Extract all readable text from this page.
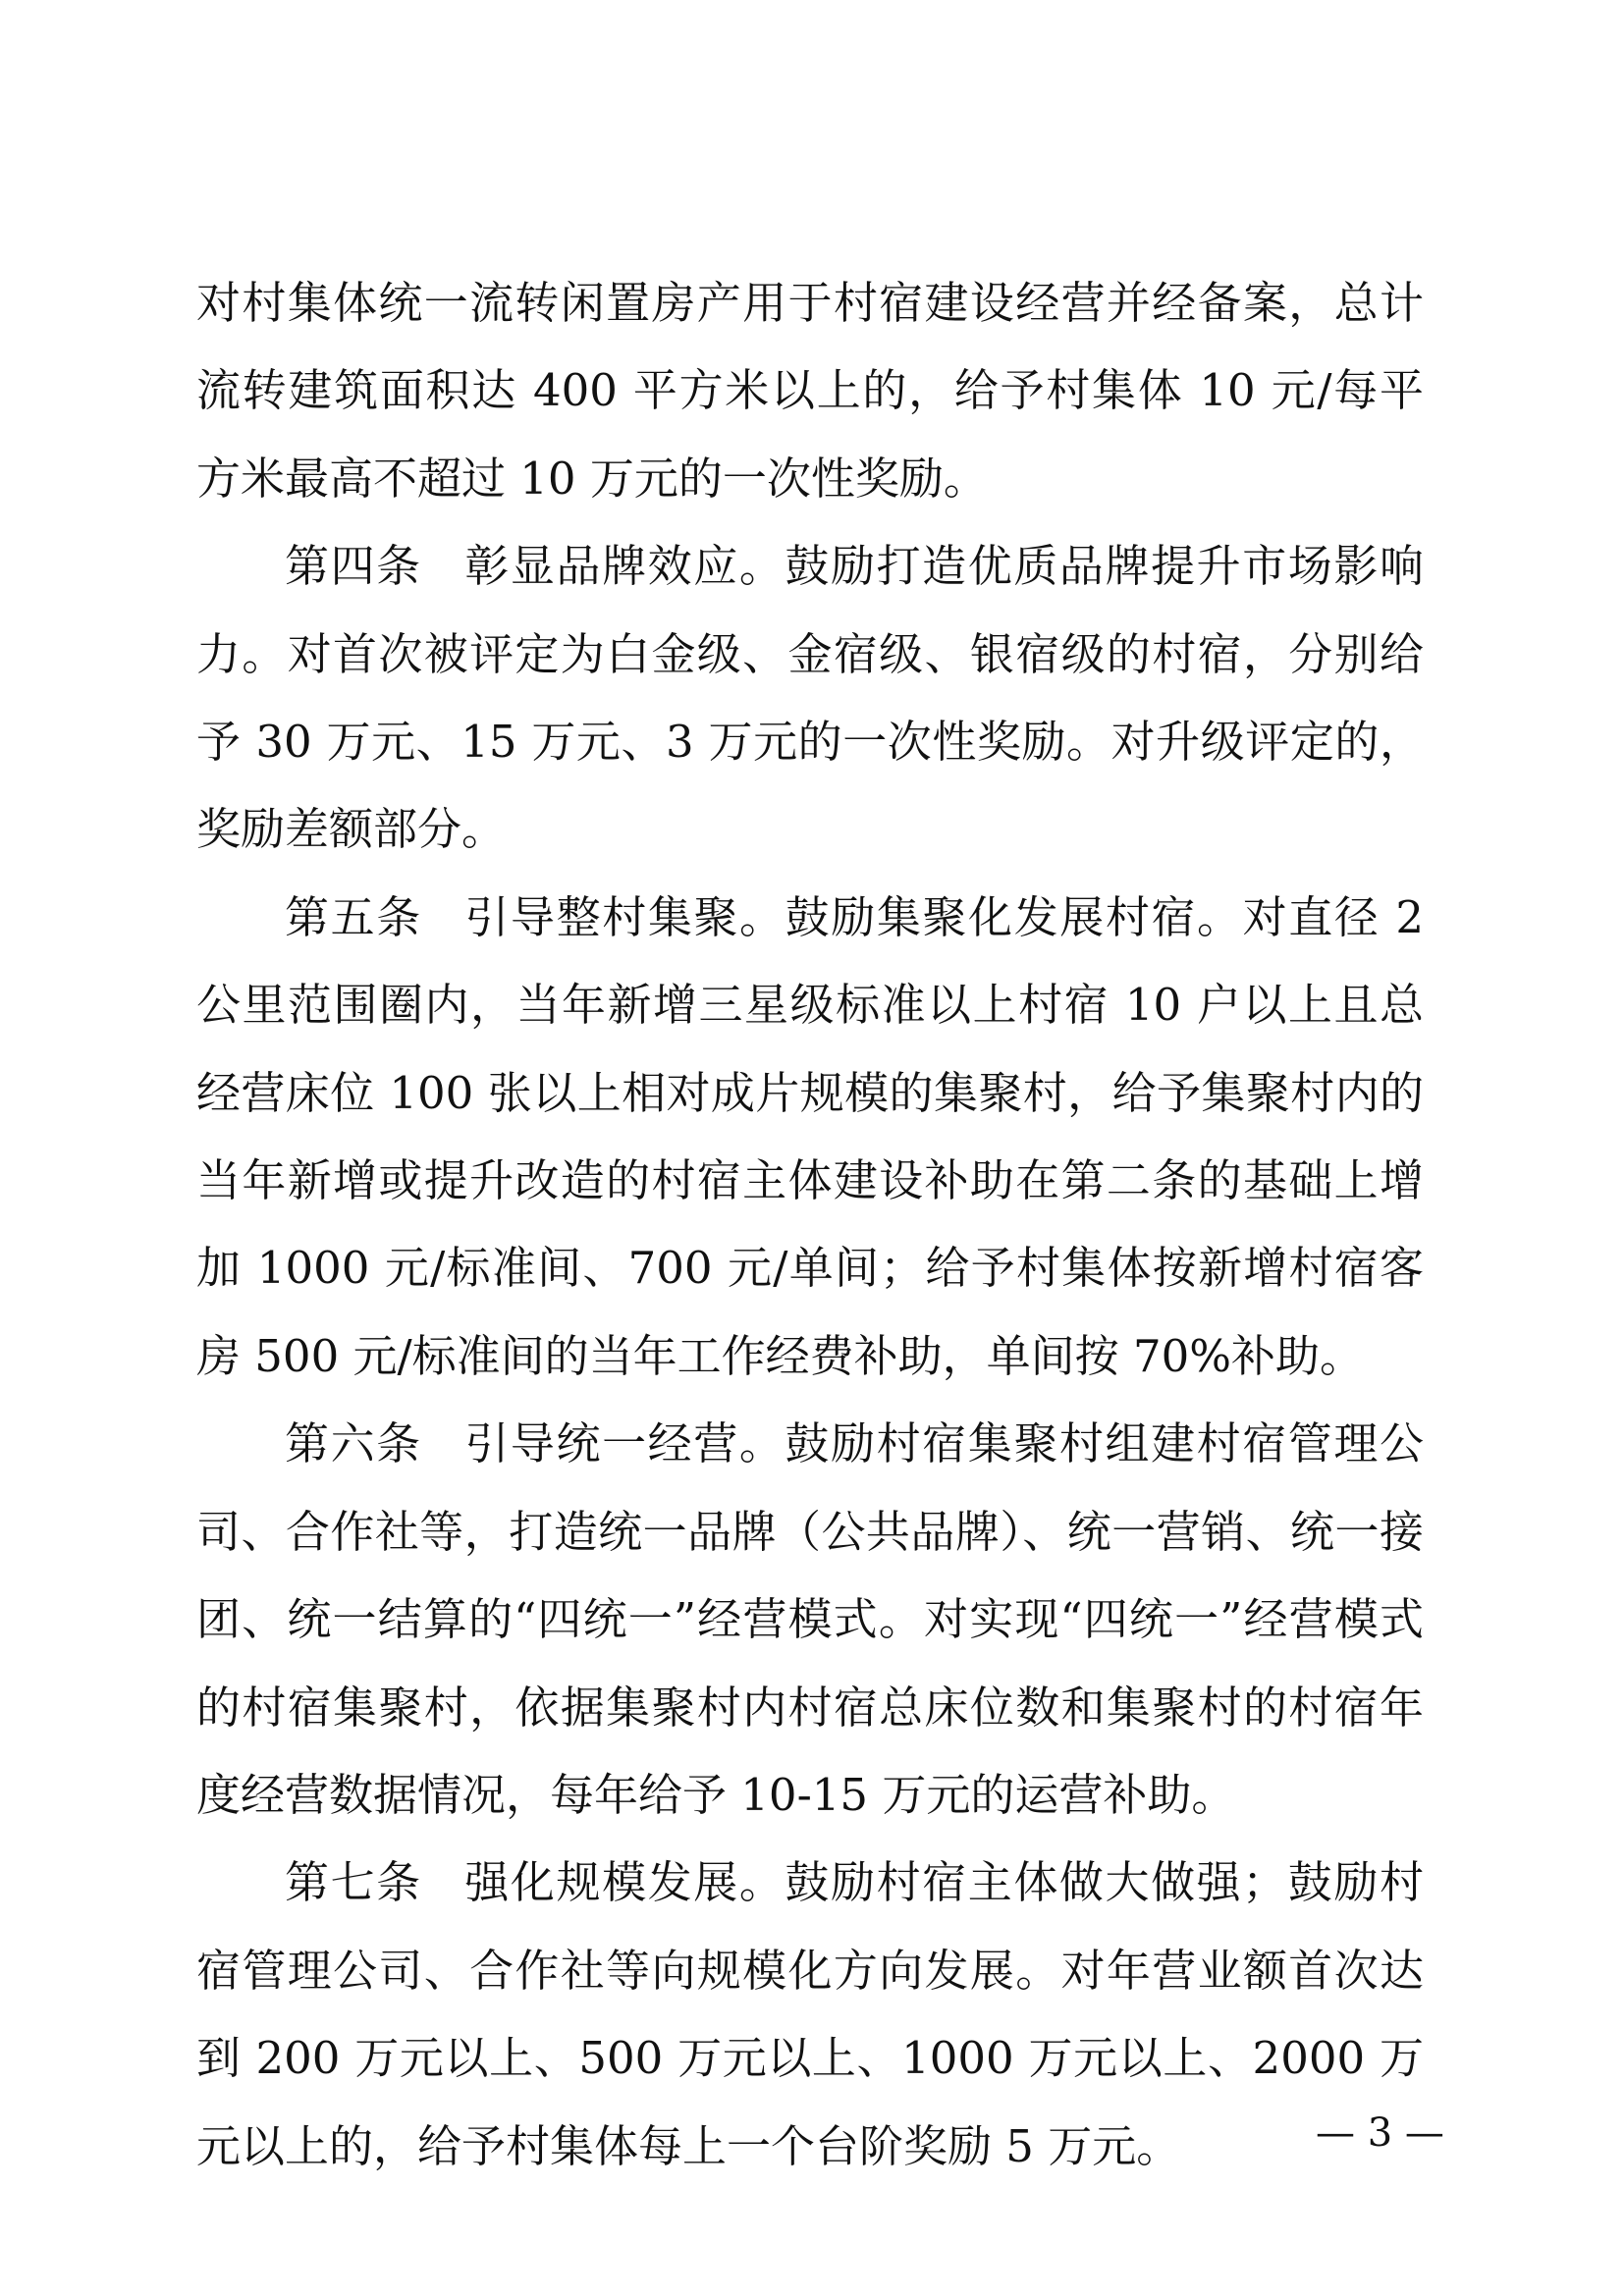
对村集体统一流转闲置房产用于村宿建设经营并经备案，总计流转建筑面积达 400 平方米以上的，给予村集体 10 元/每平方米最高不超过 10 万元的一次性奖励。

第四条 彰显品牌效应。鼓励打造优质品牌提升市场影响力。对首次被评定为白金级、金宿级、银宿级的村宿，分别给予 30 万元、15 万元、3 万元的一次性奖励。对升级评定的，奖励差额部分。

第五条 引导整村集聚。鼓励集聚化发展村宿。对直径 2 公里范围圈内，当年新增三星级标准以上村宿 10 户以上且总经营床位 100 张以上相对成片规模的集聚村，给予集聚村内的当年新增或提升改造的村宿主体建设补助在第二条的基础上增加 1000 元/标准间、700 元/单间；给予村集体按新增村宿客房 500 元/标准间的当年工作经费补助，单间按 70%补助。

第六条 引导统一经营。鼓励村宿集聚村组建村宿管理公司、合作社等，打造统一品牌（公共品牌）、统一营销、统一接团、统一结算的“四统一”经营模式。对实现“四统一”经营模式的村宿集聚村，依据集聚村内村宿总床位数和集聚村的村宿年度经营数据情况，每年给予 10-15 万元的运营补助。

第七条 强化规模发展。鼓励村宿主体做大做强；鼓励村宿管理公司、合作社等向规模化方向发展。对年营业额首次达到 200 万元以上、500 万元以上、1000 万元以上、2000 万元以上的，给予村集体每上一个台阶奖励 5 万元。	— 3 —
